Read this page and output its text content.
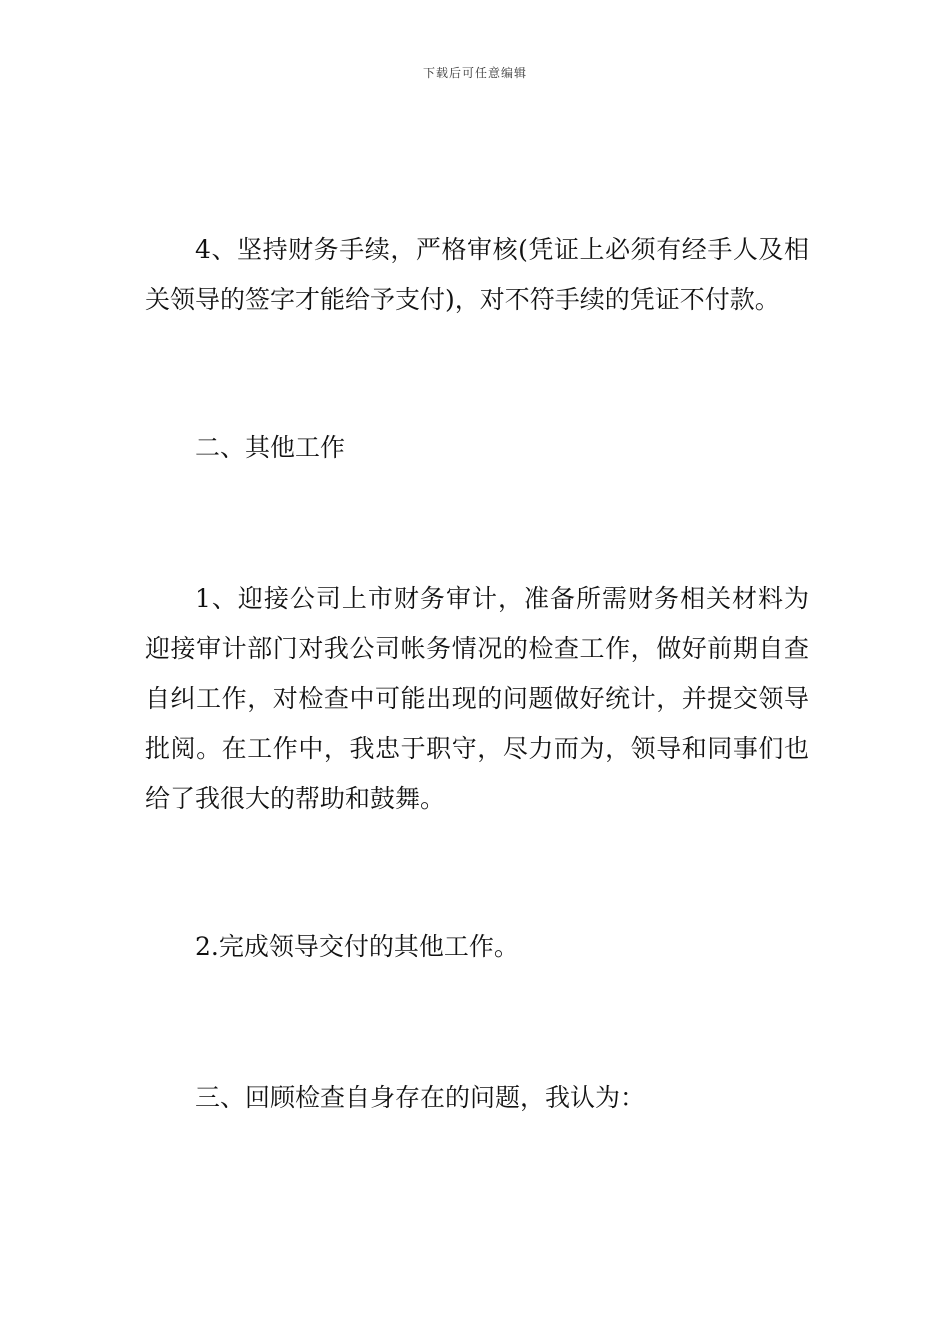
下载后可任意编辑

4、坚持财务手续，严格审核(凭证上必须有经手人及相关领导的签字才能给予支付)，对不符手续的凭证不付款。

二、其他工作

1、迎接公司上市财务审计，准备所需财务相关材料为迎接审计部门对我公司帐务情况的检查工作，做好前期自查自纠工作，对检查中可能出现的问题做好统计，并提交领导批阅。在工作中，我忠于职守，尽力而为，领导和同事们也给了我很大的帮助和鼓舞。

2.完成领导交付的其他工作。

三、回顾检查自身存在的问题，我认为：
